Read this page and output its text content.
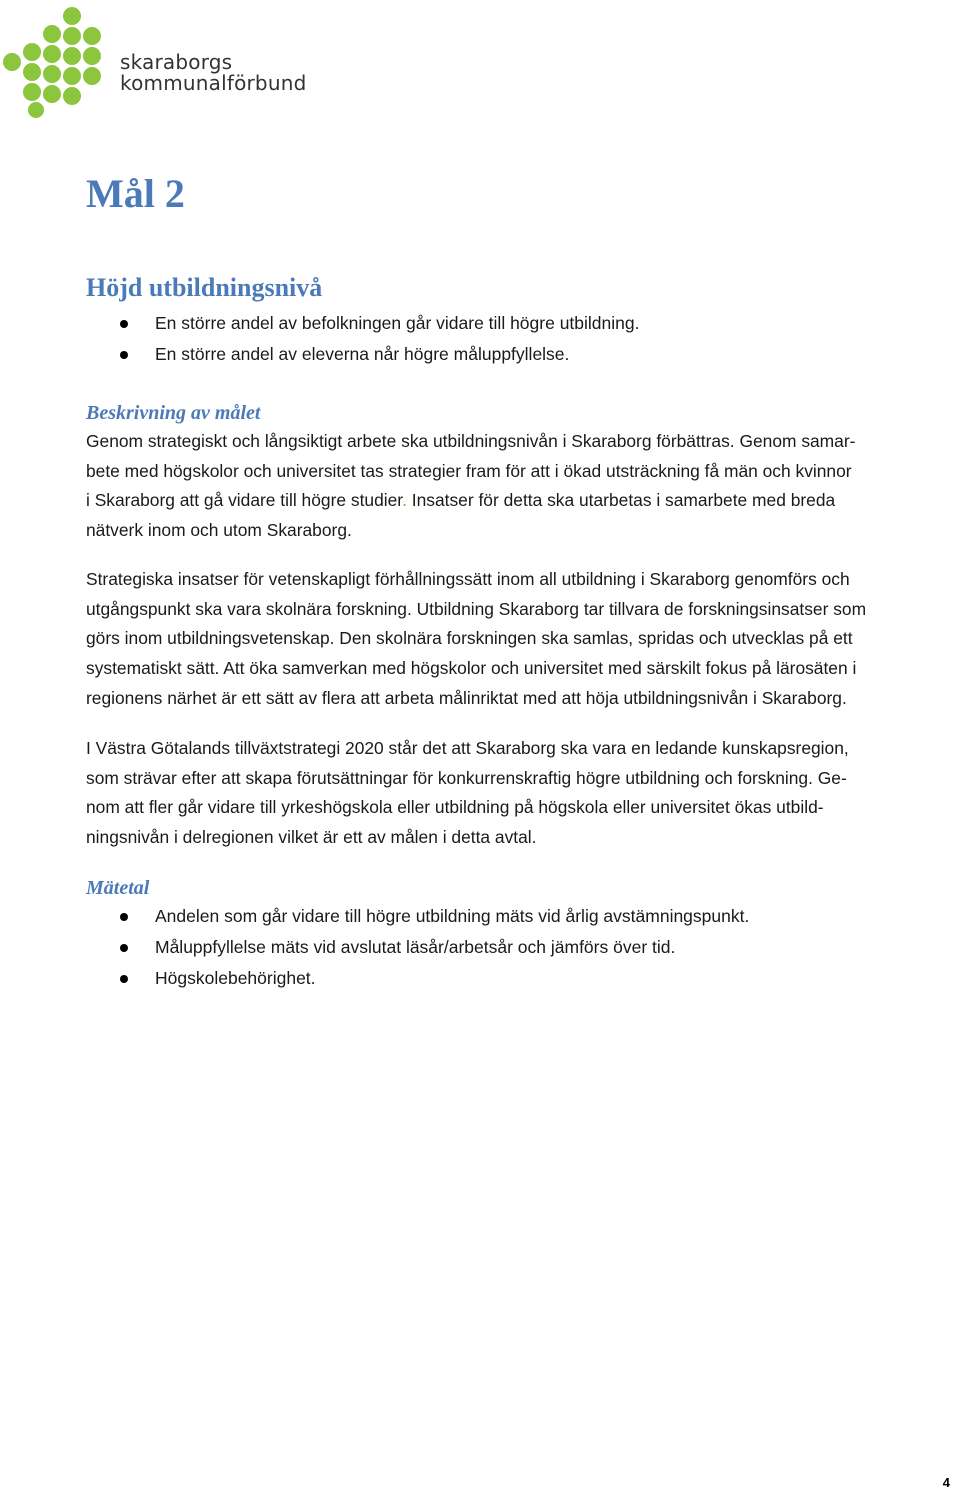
skaraborgs
kommunalförbund
Mål 2
Höjd utbildningsnivå
En större andel av befolkningen går vidare till högre utbildning.
En större andel av eleverna når högre måluppfyllelse.
Beskrivning av målet

Genom strategiskt och långsiktigt arbete ska utbildningsnivån i Skaraborg förbättras. Genom samar-
bete med högskolor och universitet tas strategier fram för att i ökad utsträckning få män och kvinnor
i Skaraborg att gå vidare till högre studier. Insatser för detta ska utarbetas i samarbete med breda
nätverk inom och utom Skaraborg.

Strategiska insatser för vetenskapligt förhållningssätt inom all utbildning i Skaraborg genomförs och
utgångspunkt ska vara skolnära forskning. Utbildning Skaraborg tar tillvara de forskningsinsatser som
görs inom utbildningsvetenskap. Den skolnära forskningen ska samlas, spridas och utvecklas på ett
systematiskt sätt. Att öka samverkan med högskolor och universitet med särskilt fokus på lärosäten i
regionens närhet är ett sätt av flera att arbeta målinriktat med att höja utbildningsnivån i Skaraborg.

I Västra Götalands tillväxtstrategi 2020 står det att Skaraborg ska vara en ledande kunskapsregion,
som strävar efter att skapa förutsättningar för konkurrenskraftig högre utbildning och forskning. Ge-
nom att fler går vidare till yrkeshögskola eller utbildning på högskola eller universitet ökas utbild-
ningsnivån i delregionen vilket är ett av målen i detta avtal.

Mätetal
Andelen som går vidare till högre utbildning mäts vid årlig avstämningspunkt.
Måluppfyllelse mäts vid avslutat läsår/arbetsår och jämförs över tid.
Högskolebehörighet.
4
